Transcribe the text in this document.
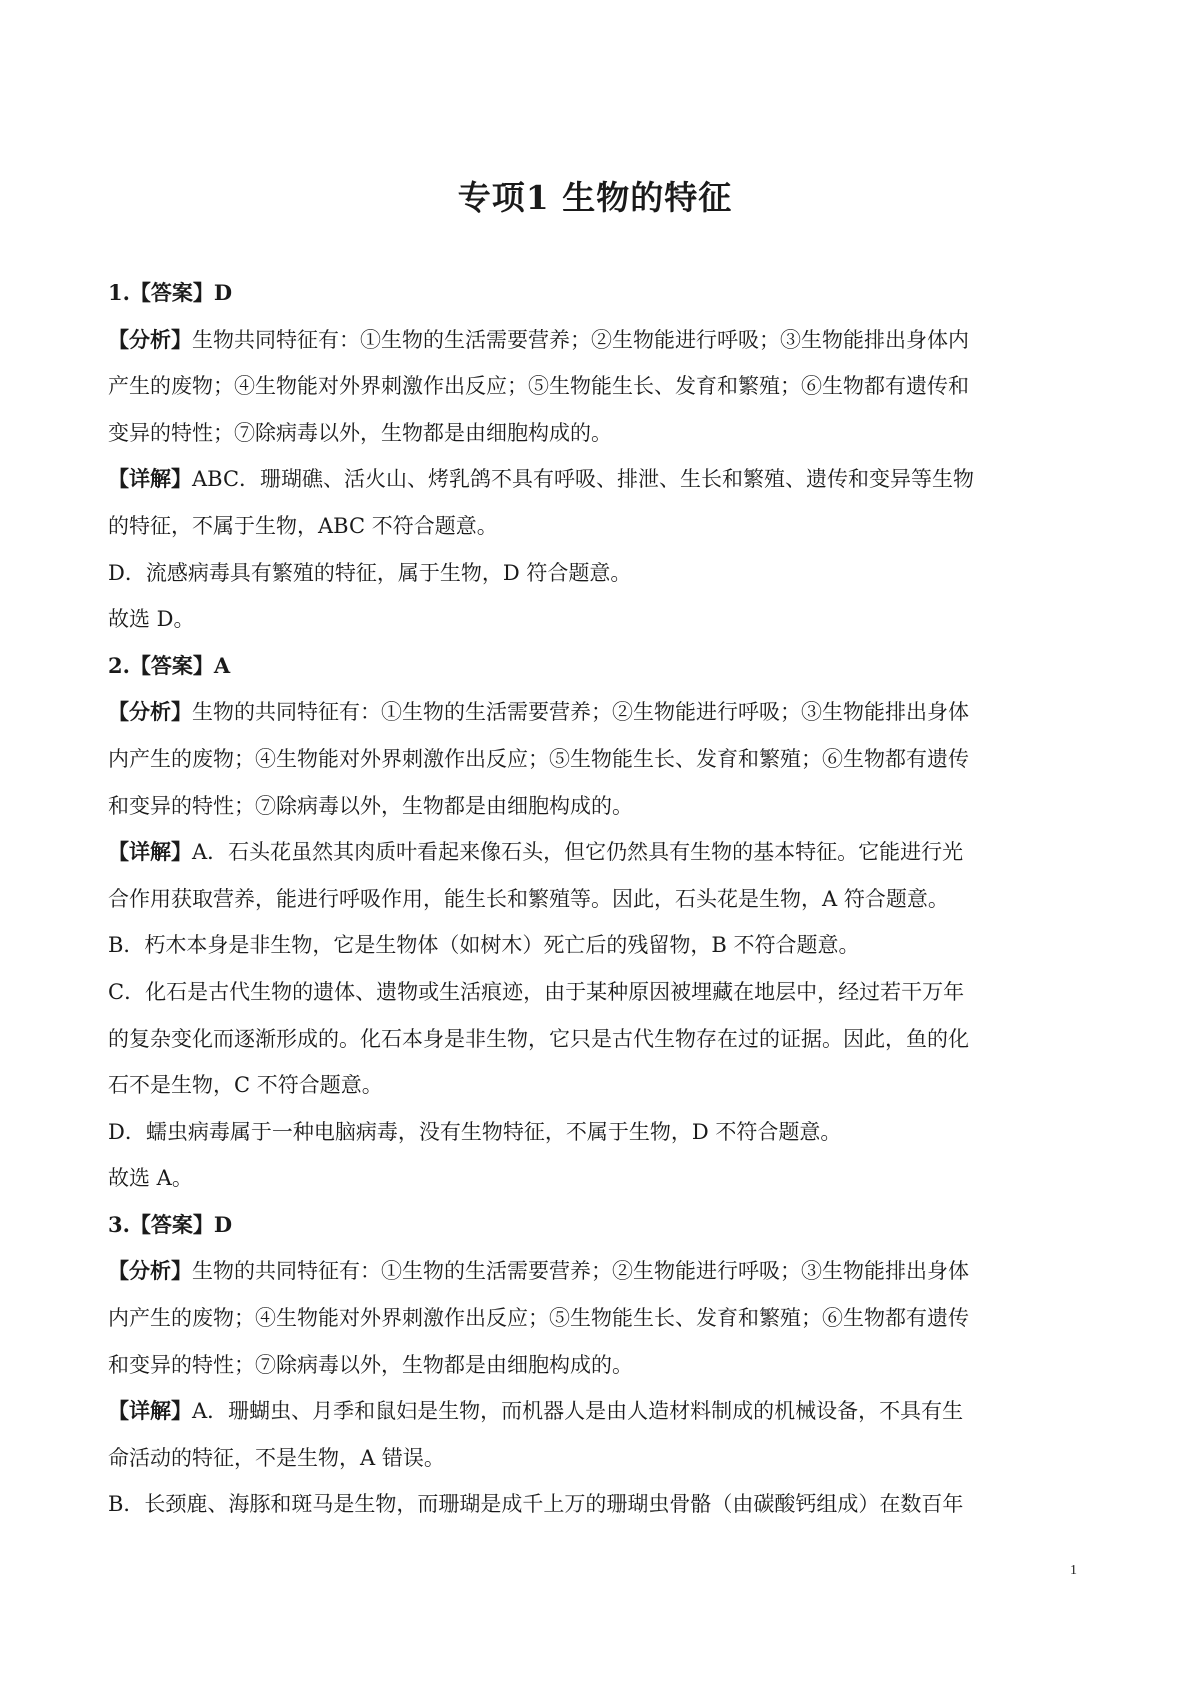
专项1 生物的特征
1.【答案】D
【分析】生物共同特征有：①生物的生活需要营养；②生物能进行呼吸；③生物能排出身体内
产生的废物；④生物能对外界刺激作出反应；⑤生物能生长、发育和繁殖；⑥生物都有遗传和
变异的特性；⑦除病毒以外，生物都是由细胞构成的。
【详解】ABC．珊瑚礁、活火山、烤乳鸽不具有呼吸、排泄、生长和繁殖、遗传和变异等生物
的特征，不属于生物，ABC 不符合题意。
D．流感病毒具有繁殖的特征，属于生物，D 符合题意。
故选 D。
2.【答案】A
【分析】生物的共同特征有：①生物的生活需要营养；②生物能进行呼吸；③生物能排出身体
内产生的废物；④生物能对外界刺激作出反应；⑤生物能生长、发育和繁殖；⑥生物都有遗传
和变异的特性；⑦除病毒以外，生物都是由细胞构成的。
【详解】A．石头花虽然其肉质叶看起来像石头，但它仍然具有生物的基本特征。它能进行光
合作用获取营养，能进行呼吸作用，能生长和繁殖等。因此，石头花是生物，A 符合题意。
B．朽木本身是非生物，它是生物体（如树木）死亡后的残留物，B 不符合题意。
C．化石是古代生物的遗体、遗物或生活痕迹，由于某种原因被埋藏在地层中，经过若干万年
的复杂变化而逐渐形成的。化石本身是非生物，它只是古代生物存在过的证据。因此，鱼的化
石不是生物，C 不符合题意。
D．蠕虫病毒属于一种电脑病毒，没有生物特征，不属于生物，D 不符合题意。
故选 A。
3.【答案】D
【分析】生物的共同特征有：①生物的生活需要营养；②生物能进行呼吸；③生物能排出身体
内产生的废物；④生物能对外界刺激作出反应；⑤生物能生长、发育和繁殖；⑥生物都有遗传
和变异的特性；⑦除病毒以外，生物都是由细胞构成的。
【详解】A．珊蝴虫、月季和鼠妇是生物，而机器人是由人造材料制成的机械设备，不具有生
命活动的特征，不是生物，A 错误。
B．长颈鹿、海豚和斑马是生物，而珊瑚是成千上万的珊瑚虫骨骼（由碳酸钙组成）在数百年
1
